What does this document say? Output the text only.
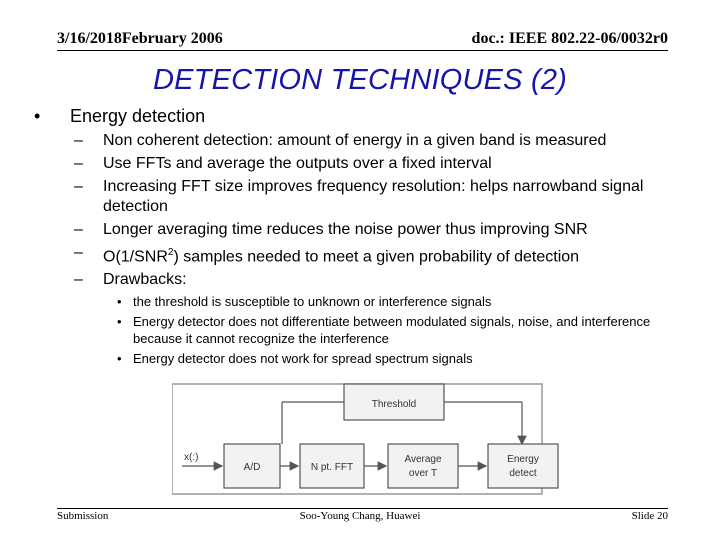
3/16/2018February 2006	doc.: IEEE 802.22-06/0032r0
DETECTION TECHNIQUES (2)
• Energy detection
– Non coherent detection: amount of energy in a given band is measured
– Use FFTs and average the outputs over a fixed interval
– Increasing FFT size improves frequency resolution: helps narrowband signal detection
– Longer averaging time reduces the noise power thus improving SNR
– O(1/SNR$^2$) samples needed to meet a given probability of detection
– Drawbacks:
• the threshold is susceptible to unknown or interference signals
• Energy detector does not differentiate between modulated signals, noise, and interference because it cannot recognize the interference
• Energy detector does not work for spread spectrum signals
Threshold
x(:)
A/D	N pt. FFT
Average
over T
Energy
detect
Submission	Soo-Young Chang, Huawei	Slide 20
